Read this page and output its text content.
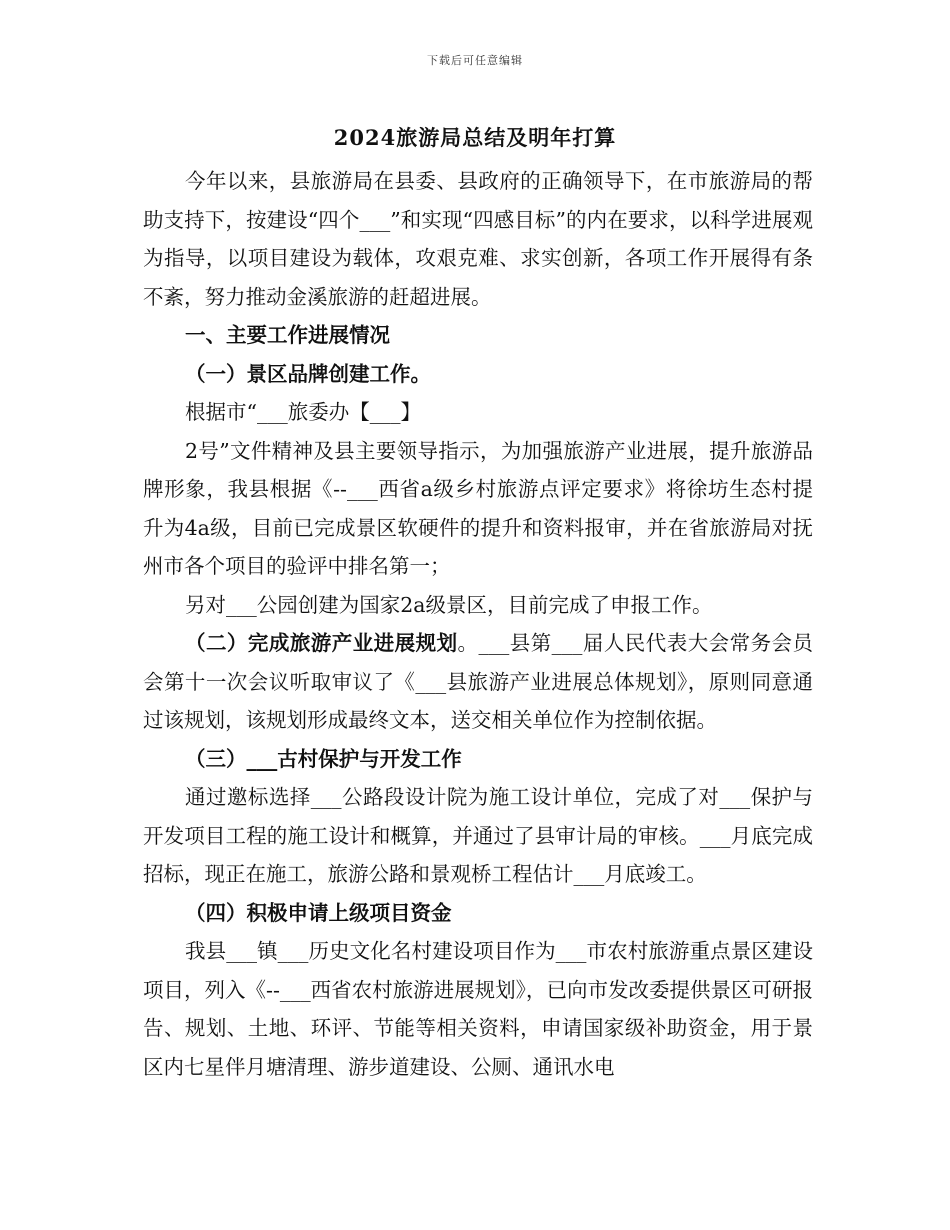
下载后可任意编辑
2024旅游局总结及明年打算

今年以来，县旅游局在县委、县政府的正确领导下，在市旅游局的帮助支持下，按建设“四个___”和实现“四感目标”的内在要求，以科学进展观为指导，以项目建设为载体，攻艰克难、求实创新，各项工作开展得有条不紊，努力推动金溪旅游的赶超进展。

一、主要工作进展情况

（一）景区品牌创建工作。

根据市“___旅委办【___】

2号”文件精神及县主要领导指示，为加强旅游产业进展，提升旅游品牌形象，我县根据《--___西省a级乡村旅游点评定要求》将徐坊生态村提升为4a级，目前已完成景区软硬件的提升和资料报审，并在省旅游局对抚州市各个项目的验评中排名第一；

另对___公园创建为国家2a级景区，目前完成了申报工作。

（二）完成旅游产业进展规划。___县第___届人民代表大会常务会员会第十一次会议听取审议了《___县旅游产业进展总体规划》，原则同意通过该规划，该规划形成最终文本，送交相关单位作为控制依据。

（三）___古村保护与开发工作

通过邀标选择___公路段设计院为施工设计单位，完成了对___保护与开发项目工程的施工设计和概算，并通过了县审计局的审核。___月底完成招标，现正在施工，旅游公路和景观桥工程估计___月底竣工。

（四）积极申请上级项目资金

我县___镇___历史文化名村建设项目作为___市农村旅游重点景区建设项目，列入《--___西省农村旅游进展规划》，已向市发改委提供景区可研报告、规划、土地、环评、节能等相关资料，申请国家级补助资金，用于景区内七星伴月塘清理、游步道建设、公厕、通讯水电
